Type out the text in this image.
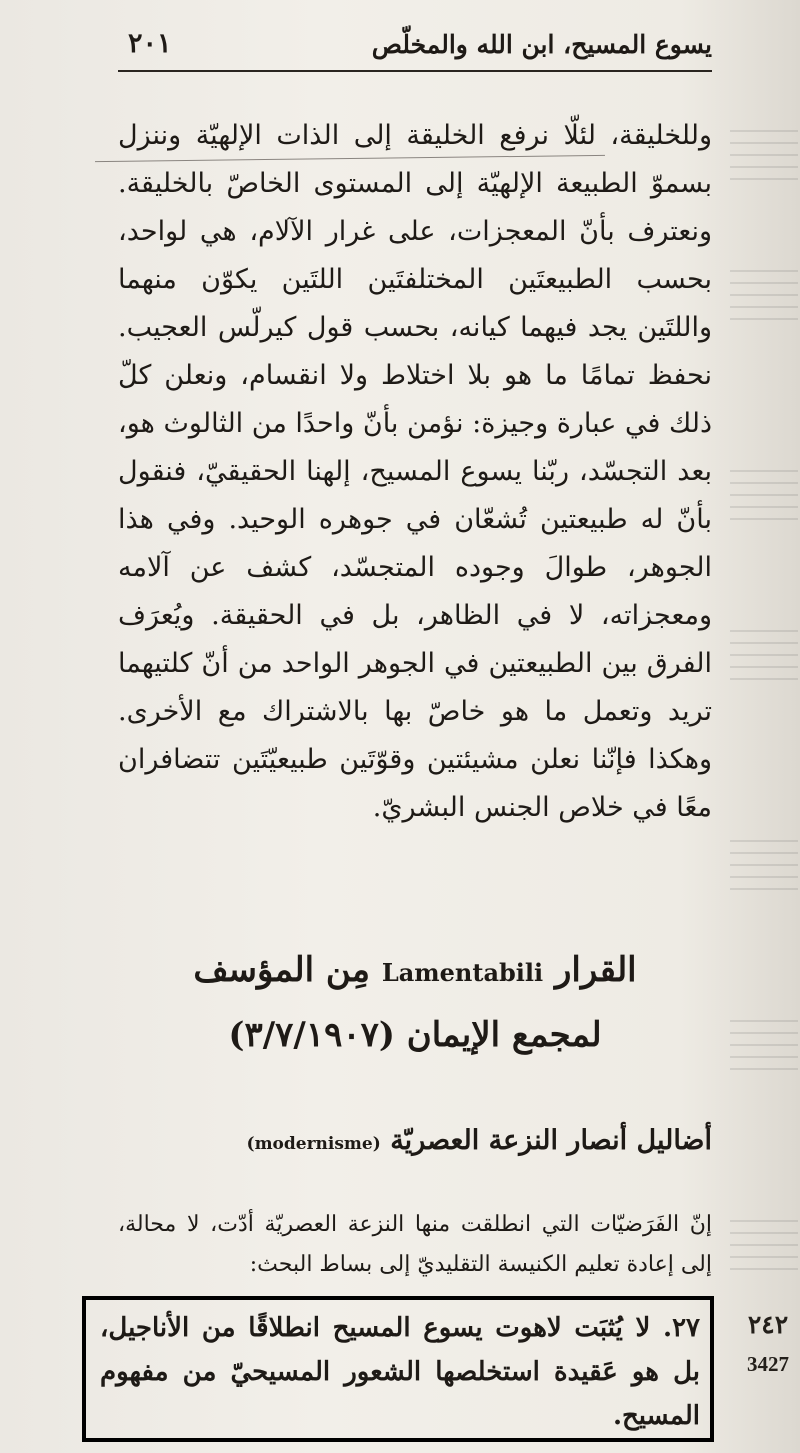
يسوع المسيح، ابن الله والمخلّص
٢٠١

وللخليقة، لئلّا نرفع الخليقة إلى الذات الإلهيّة وننزل بسموّ الطبيعة الإلهيّة إلى المستوى الخاصّ بالخليقة. ونعترف بأنّ المعجزات، على غرار الآلام، هي لواحد، بحسب الطبيعتَين المختلفتَين اللتَين يكوّن منهما واللتَين يجد فيهما كيانه، بحسب قول كيرلّس العجيب. نحفظ تمامًا ما هو بلا اختلاط ولا انقسام، ونعلن كلّ ذلك في عبارة وجيزة: نؤمن بأنّ واحدًا من الثالوث هو، بعد التجسّد، ربّنا يسوع المسيح، إلهنا الحقيقيّ، فنقول بأنّ له طبيعتين تُشعّان في جوهره الوحيد. وفي هذا الجوهر، طوالَ وجوده المتجسّد، كشف عن آلامه ومعجزاته، لا في الظاهر، بل في الحقيقة. ويُعرَف الفرق بين الطبيعتين في الجوهر الواحد من أنّ كلتيهما تريد وتعمل ما هو خاصّ بها بالاشتراك مع الأخرى. وهكذا فإنّنا نعلن مشيئتين وقوّتَين طبيعيّتَين تتضافران معًا في خلاص الجنس البشريّ.

القرار Lamentabili مِن المؤسف
لمجمع الإيمان (٣/٧/١٩٠٧)
أضاليل أنصار النزعة العصريّة (modernisme)

إنّ الفَرَضيّات التي انطلقت منها النزعة العصريّة أدّت، لا محالة، إلى إعادة تعليم الكنيسة التقليديّ إلى بساط البحث:

٢٧. لا يُثبَت لاهوت يسوع المسيح انطلاقًا من الأناجيل، بل هو عَقيدة استخلصها الشعور المسيحيّ من مفهوم المسيح.

٢٤٢
3427
